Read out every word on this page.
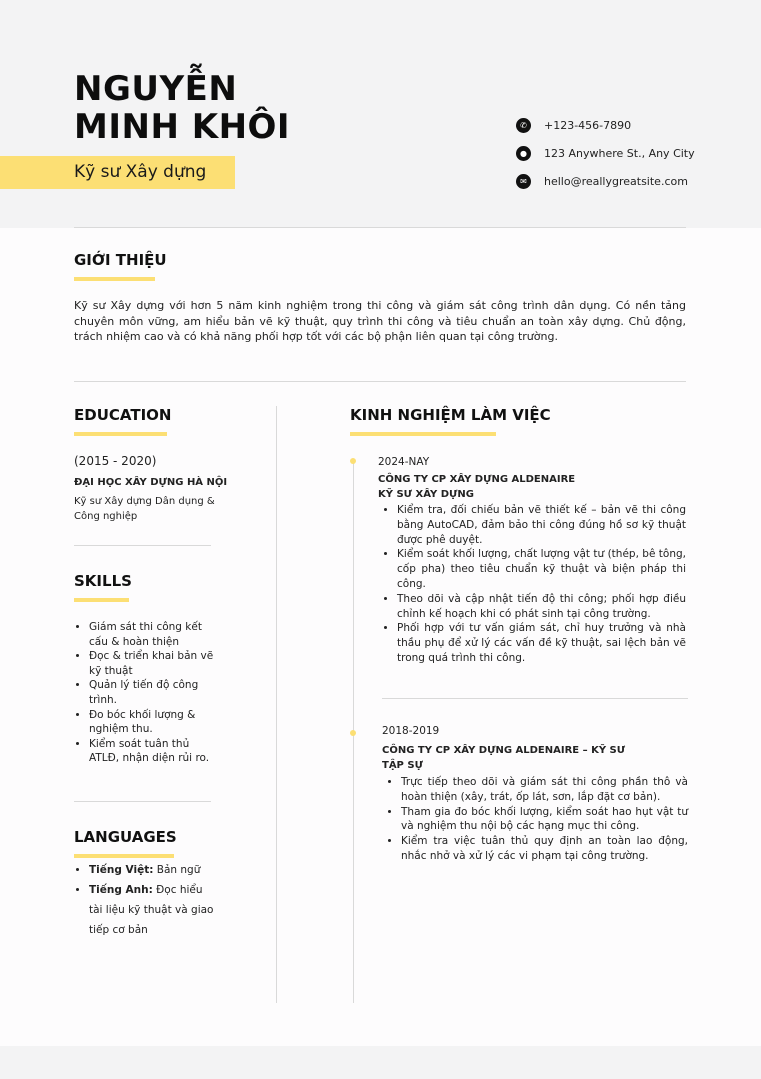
NGUYỄN
MINH KHÔI
Kỹ sư Xây dựng
✆	+123-456-7890
●	123 Anywhere St., Any City
✉	hello@reallygreatsite.com
GIỚI THIỆU
Kỹ sư Xây dựng với hơn 5 năm kinh nghiệm trong thi công và giám sát công trình dân dụng. Có nền tảng chuyên môn vững, am hiểu bản vẽ kỹ thuật, quy trình thi công và tiêu chuẩn an toàn xây dựng. Chủ động, trách nhiệm cao và có khả năng phối hợp tốt với các bộ phận liên quan tại công trường.
EDUCATION
(2015 - 2020)
ĐẠI HỌC XÂY DỰNG HÀ NỘI
Kỹ sư Xây dựng Dân dụng & Công nghiệp
SKILLS
• Giám sát thi công kết cấu & hoàn thiện
• Đọc & triển khai bản vẽ kỹ thuật
• Quản lý tiến độ công trình.
• Đo bóc khối lượng & nghiệm thu.
• Kiểm soát tuân thủ ATLĐ, nhận diện rủi ro.
LANGUAGES
• Tiếng Việt: Bản ngữ
• Tiếng Anh: Đọc hiểu tài liệu kỹ thuật và giao tiếp cơ bản
KINH NGHIỆM LÀM VIỆC
2024-NAY
CÔNG TY CP XÂY DỰNG ALDENAIRE
KỸ SƯ XÂY DỰNG
• Kiểm tra, đối chiếu bản vẽ thiết kế – bản vẽ thi công bằng AutoCAD, đảm bảo thi công đúng hồ sơ kỹ thuật được phê duyệt.
• Kiểm soát khối lượng, chất lượng vật tư (thép, bê tông, cốp pha) theo tiêu chuẩn kỹ thuật và biện pháp thi công.
• Theo dõi và cập nhật tiến độ thi công; phối hợp điều chỉnh kế hoạch khi có phát sinh tại công trường.
• Phối hợp với tư vấn giám sát, chỉ huy trưởng và nhà thầu phụ để xử lý các vấn đề kỹ thuật, sai lệch bản vẽ trong quá trình thi công.
2018-2019
CÔNG TY CP XÂY DỰNG ALDENAIRE – KỸ SƯ TẬP SỰ
• Trực tiếp theo dõi và giám sát thi công phần thô và hoàn thiện (xây, trát, ốp lát, sơn, lắp đặt cơ bản).
• Tham gia đo bóc khối lượng, kiểm soát hao hụt vật tư và nghiệm thu nội bộ các hạng mục thi công.
• Kiểm tra việc tuân thủ quy định an toàn lao động, nhắc nhở và xử lý các vi phạm tại công trường.
